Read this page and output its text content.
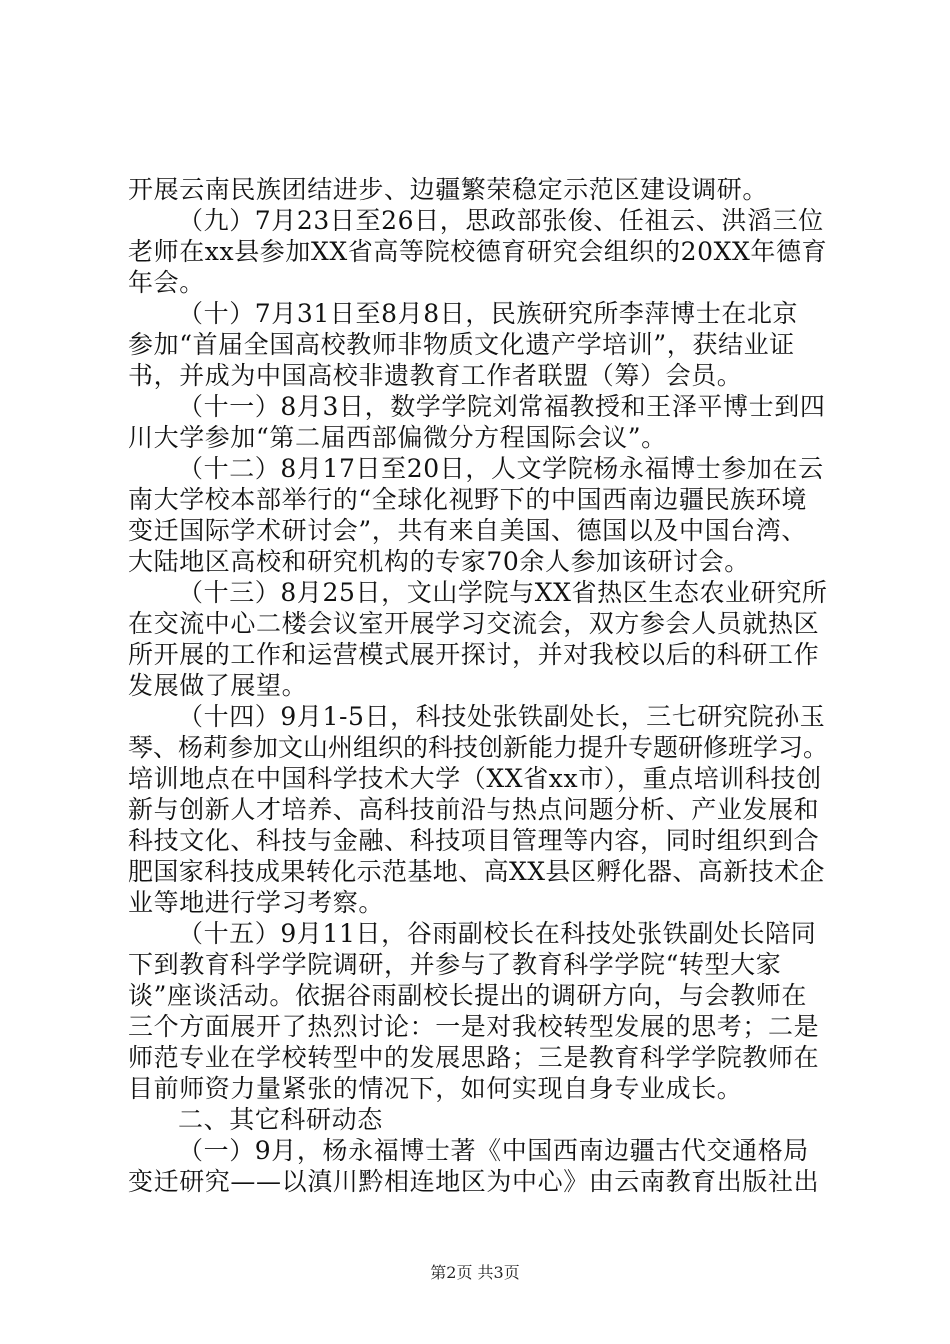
开展云南民族团结进步、边疆繁荣稳定示范区建设调研。
（九）7月23日至26日，思政部张俊、任祖云、洪滔三位
老师在xx县参加XX省高等院校德育研究会组织的20XX年德育
年会。
（十）7月31日至8月8日，民族研究所李萍博士在北京
参加“首届全国高校教师非物质文化遗产学培训”，获结业证
书，并成为中国高校非遗教育工作者联盟（筹）会员。
（十一）8月3日，数学学院刘常福教授和王泽平博士到四
川大学参加“第二届西部偏微分方程国际会议”。
（十二）8月17日至20日，人文学院杨永福博士参加在云
南大学校本部举行的“全球化视野下的中国西南边疆民族环境
变迁国际学术研讨会”，共有来自美国、德国以及中国台湾、
大陆地区高校和研究机构的专家70余人参加该研讨会。
（十三）8月25日，文山学院与XX省热区生态农业研究所
在交流中心二楼会议室开展学习交流会，双方参会人员就热区
所开展的工作和运营模式展开探讨，并对我校以后的科研工作
发展做了展望。
（十四）9月1-5日，科技处张铁副处长，三七研究院孙玉
琴、杨莉参加文山州组织的科技创新能力提升专题研修班学习。
培训地点在中国科学技术大学（XX省xx市），重点培训科技创
新与创新人才培养、高科技前沿与热点问题分析、产业发展和
科技文化、科技与金融、科技项目管理等内容，同时组织到合
肥国家科技成果转化示范基地、高XX县区孵化器、高新技术企
业等地进行学习考察。
（十五）9月11日，谷雨副校长在科技处张铁副处长陪同
下到教育科学学院调研，并参与了教育科学学院“转型大家
谈”座谈活动。依据谷雨副校长提出的调研方向，与会教师在
三个方面展开了热烈讨论：一是对我校转型发展的思考；二是
师范专业在学校转型中的发展思路；三是教育科学学院教师在
目前师资力量紧张的情况下，如何实现自身专业成长。
二、其它科研动态
（一）9月，杨永福博士著《中国西南边疆古代交通格局
变迁研究——以滇川黔相连地区为中心》由云南教育出版社出
第2页 共3页
